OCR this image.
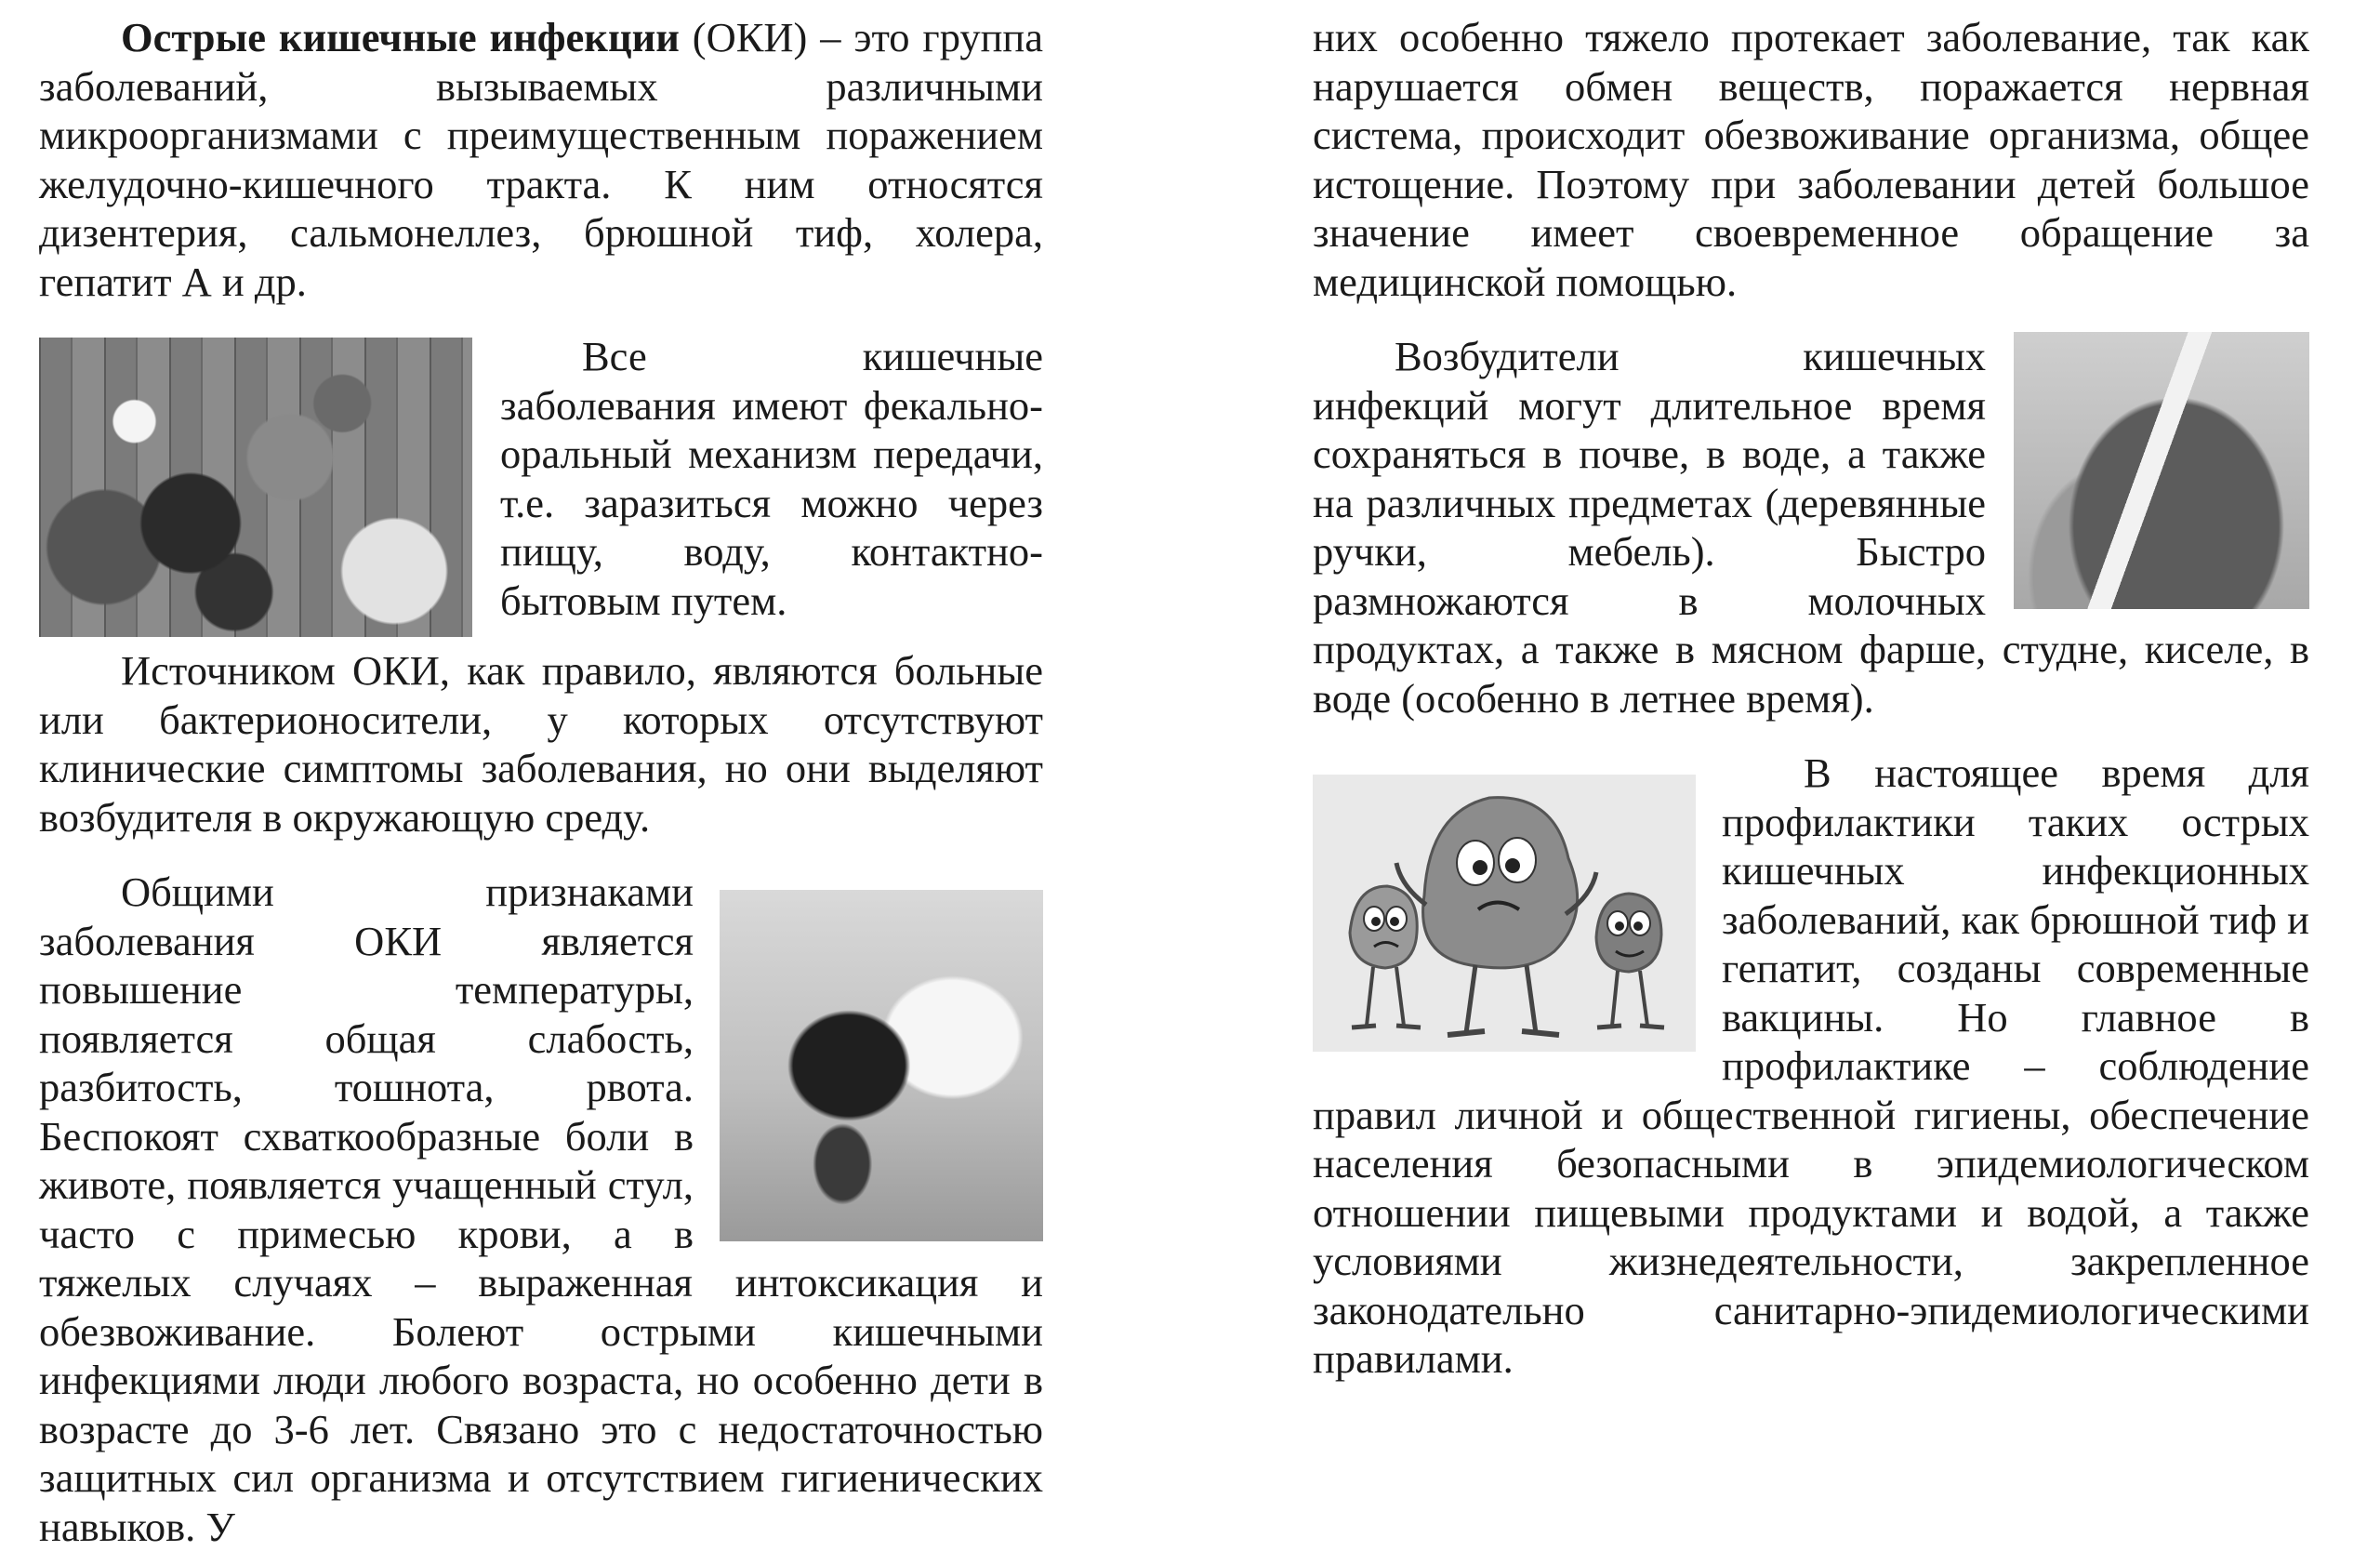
Острые кишечные инфекции (ОКИ) – это группа заболеваний, вызываемых различными микроорганизмами с преимущественным поражением желудочно-кишечного тракта. К ним относятся дизентерия, сальмонеллез, брюшной тиф, холера, гепатит А и др.

Все кишечные заболевания имеют фекально-оральный механизм передачи, т.е. заразиться можно через пищу, воду, контактно-бытовым путем.

Источником ОКИ, как правило, являются больные или бактерионосители, у которых отсутствуют клинические симптомы заболевания, но они выделяют возбудителя в окружающую среду.

Общими признаками заболевания ОКИ является повышение температуры, появляется общая слабость, разбитость, тошнота, рвота. Беспокоят схваткообразные боли в животе, появляется учащенный стул, часто с примесью крови, а в тяжелых случаях – выраженная интоксикация и обезвоживание. Болеют острыми кишечными инфекциями люди любого возраста, но особенно дети в возрасте до 3-6 лет. Связано это с недостаточностью защитных сил организма и отсутствием гигиенических навыков. У

них особенно тяжело протекает заболевание, так как нарушается обмен веществ, поражается нервная система, происходит обезвоживание организма, общее истощение. Поэтому при заболевании детей большое значение имеет своевременное обращение за медицинской помощью.

Возбудители кишечных инфекций могут длительное время сохраняться в почве, в воде, а также на различных предметах (деревянные ручки, мебель). Быстро размножаются в молочных продуктах, а также в мясном фарше, студне, киселе, в воде (особенно в летнее время).

В настоящее время для профилактики таких острых кишечных инфекционных заболеваний, как брюшной тиф и гепатит, созданы современные вакцины. Но главное в профилактике – соблюдение правил личной и общественной гигиены, обеспечение населения безопасными в эпидемиологическом отношении пищевыми продуктами и водой, а также условиями жизнедеятельности, закрепленное законодательно санитарно-эпидемиологическими правилами.
